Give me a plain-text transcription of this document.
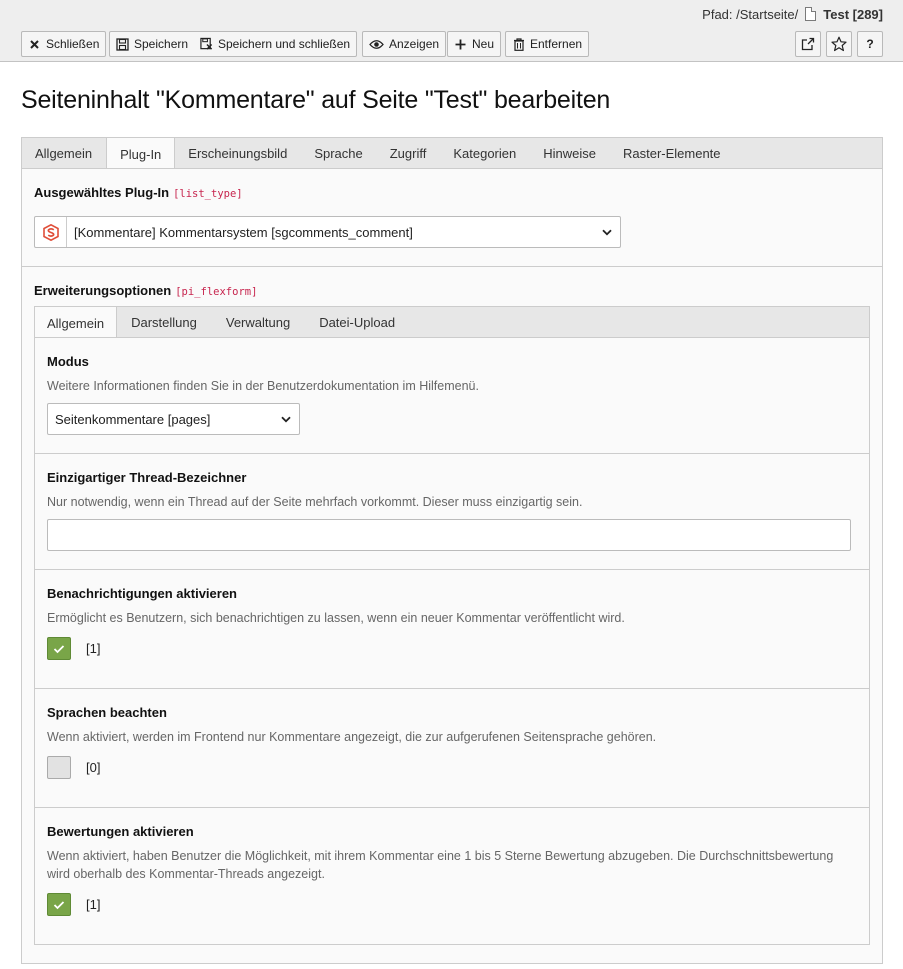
Pfad: /Startseite/ Test [289]
Schließen	Speichern Speichern und schließen	Anzeigen	Neu	Entfernen	?
Seiteninhalt "Kommentare" auf Seite "Test" bearbeiten
Allgemein	Plug-In	Erscheinungsbild	Sprache	Zugriff	Kategorien	Hinweise	Raster-Elemente
Ausgewähltes Plug-In [list_type]
[Kommentare] Kommentarsystem [sgcomments_comment]
Erweiterungsoptionen [pi_flexform]
Allgemein	Darstellung	Verwaltung	Datei-Upload
Modus
Weitere Informationen finden Sie in der Benutzerdokumentation im Hilfemenü.
Seitenkommentare [pages]
Einzigartiger Thread-Bezeichner
Nur notwendig, wenn ein Thread auf der Seite mehrfach vorkommt. Dieser muss einzigartig sein.
Benachrichtigungen aktivieren
Ermöglicht es Benutzern, sich benachrichtigen zu lassen, wenn ein neuer Kommentar veröffentlicht wird.
[1]
Sprachen beachten
Wenn aktiviert, werden im Frontend nur Kommentare angezeigt, die zur aufgerufenen Seitensprache gehören.
[0]
Bewertungen aktivieren
Wenn aktiviert, haben Benutzer die Möglichkeit, mit ihrem Kommentar eine 1 bis 5 Sterne Bewertung abzugeben. Die Durchschnittsbewertung wird oberhalb des Kommentar-Threads angezeigt.
[1]
